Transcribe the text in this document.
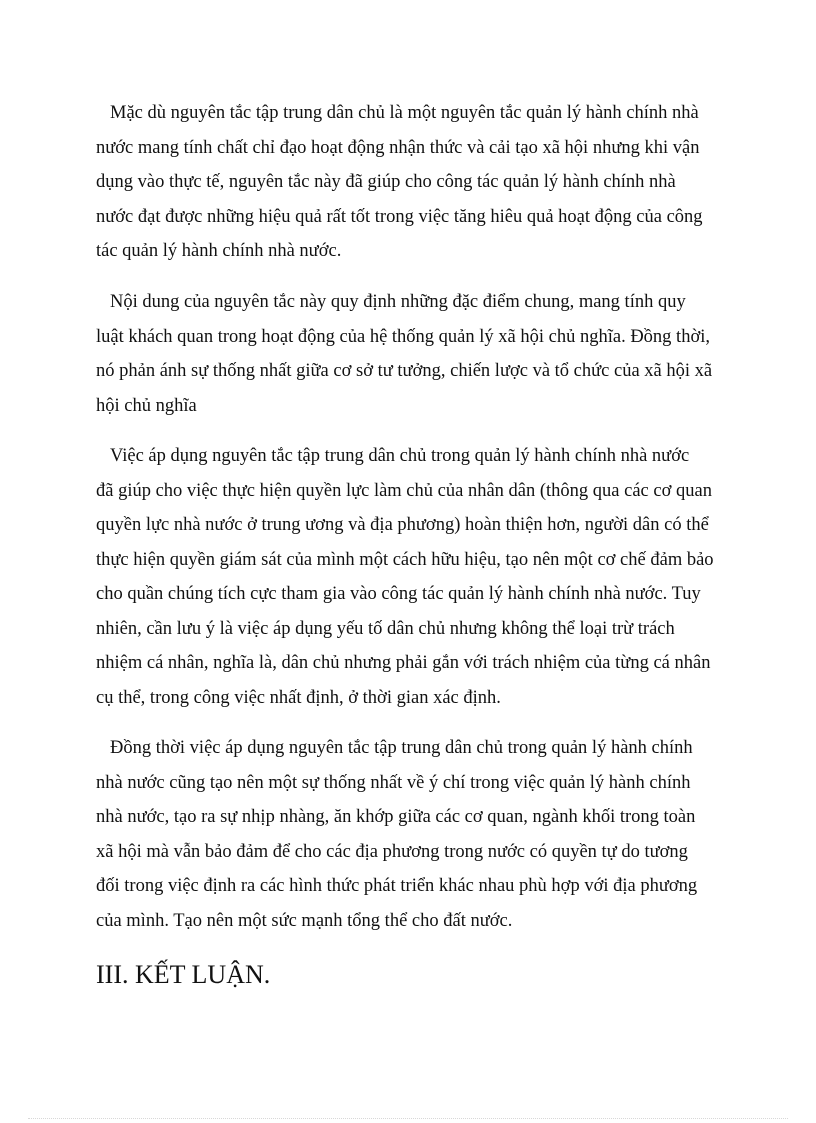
Mặc dù nguyên tắc tập trung dân chủ là một nguyên tắc quản lý hành chính nhà
nước mang tính chất chỉ đạo hoạt động nhận thức và cải tạo xã hội nhưng khi vận
dụng vào thực tế, nguyên tắc này đã giúp cho công tác quản lý hành chính nhà
nước đạt được những hiệu quả rất tốt trong việc tăng hiêu quả hoạt động của công
tác quản lý hành chính nhà nước.
Nội dung của nguyên tắc này quy định những đặc điểm chung, mang tính quy
luật khách quan trong hoạt động của hệ thống quản lý xã hội chủ nghĩa. Đồng thời,
nó phản ánh sự thống nhất giữa cơ sở tư tưởng, chiến lược và tổ chức của xã hội xã
hội chủ nghĩa
Việc áp dụng nguyên tắc tập trung dân chủ trong quản lý hành chính nhà nước
đã giúp cho việc thực hiện quyền lực làm chủ của nhân dân (thông qua các cơ quan
quyền lực nhà nước ở trung ương và địa phương) hoàn thiện hơn, người dân có thể
thực hiện quyền giám sát của mình một cách hữu hiệu, tạo nên một cơ chế đảm bảo
cho quần chúng tích cực tham gia vào công tác quản lý hành chính nhà nước. Tuy
nhiên, cần lưu ý là việc áp dụng yếu tố dân chủ nhưng không thể loại trừ trách
nhiệm cá nhân, nghĩa là, dân chủ nhưng phải gắn với trách nhiệm của từng cá nhân
cụ thể, trong công việc nhất định, ở thời gian xác định.
Đồng thời việc áp dụng nguyên tắc tập trung dân chủ trong quản lý hành chính
nhà nước cũng tạo nên một sự thống nhất về ý chí trong việc quản lý hành chính
nhà nước, tạo ra sự nhịp nhàng, ăn khớp giữa các cơ quan, ngành khối trong toàn
xã hội mà vẫn bảo đảm để cho các địa phương trong nước có quyền tự do tương
đối trong việc định ra các hình thức phát triển khác nhau phù hợp với địa phương
của mình. Tạo nên một sức mạnh tổng thể cho đất nước.
III. KẾT LUẬN.
